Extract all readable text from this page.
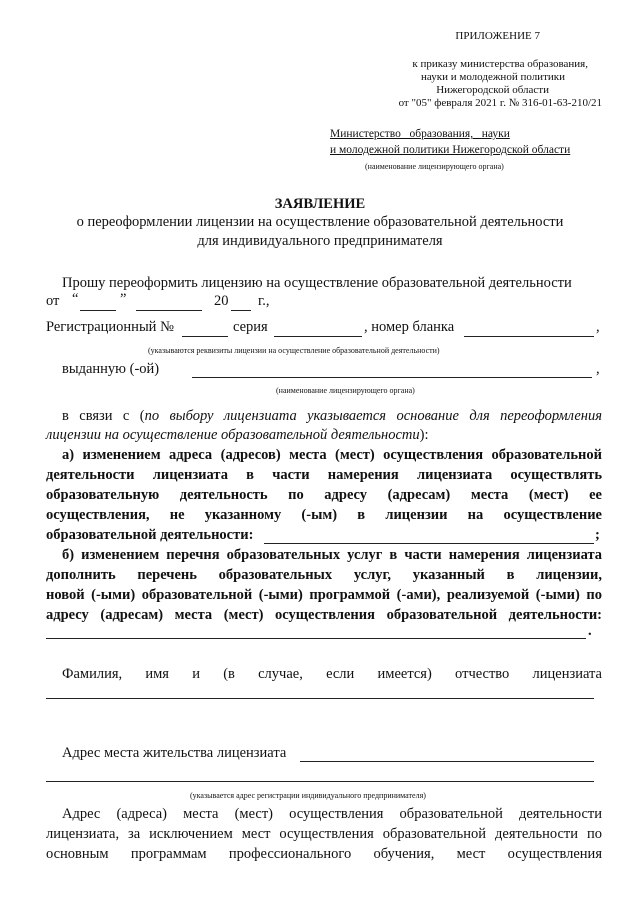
ПРИЛОЖЕНИЕ 7
к приказу министерства образования,
науки и молодежной политики
Нижегородской области
от "05" февраля 2021 г. № 316-01-63-210/21
Министерство   образования,   науки
и молодежной политики Нижегородской области
(наименование лицензирующего органа)
ЗАЯВЛЕНИЕ
о переоформлении лицензии на осуществление образовательной деятельности
для индивидуального предпринимателя
Прошу переоформить лицензию на осуществление образовательной деятельности
от “	”	20 г.,
Регистрационный №	серия	, номер бланка	,
(указываются реквизиты лицензии на осуществление образовательной деятельности)
выданную (-ой)	,
(наименование лицензирующего органа)
в  связи  с  (по  выбору  лицензиата  указывается  основание  для  переоформления
лицензии на осуществление образовательной деятельности):
а) изменением адреса (адресов) места (мест) осуществления образовательной
деятельности   лицензиата   в   части   намерения   лицензиата   осуществлять
образовательную   деятельность   по   адресу   (адресам)   места   (мест)   ее
осуществления,    не    указанному    (-ым)    в    лицензии    на    осуществление
образовательной деятельности:	;
б) изменением перечня образовательных услуг в части намерения лицензиата
дополнить   перечень   образовательных   услуг,   указанный   в   лицензии,
новой (-ыми) образовательной (-ыми) программой (-ами), реализуемой (-ыми) по
адресу  (адресам)  места  (мест)  осуществления  образовательной  деятельности:
.
Фамилия, имя и (в случае, если имеется) отчество лицензиата
Адрес места жительства лицензиата
(указывается адрес регистрации индивидуального предпринимателя)
Адрес  (адреса)  места  (мест)  осуществления  образовательной  деятельности
лицензиата,  за  исключением  мест  осуществления  образовательной  деятельности  по
основным     программам     профессионального     обучения,     мест     осуществления
